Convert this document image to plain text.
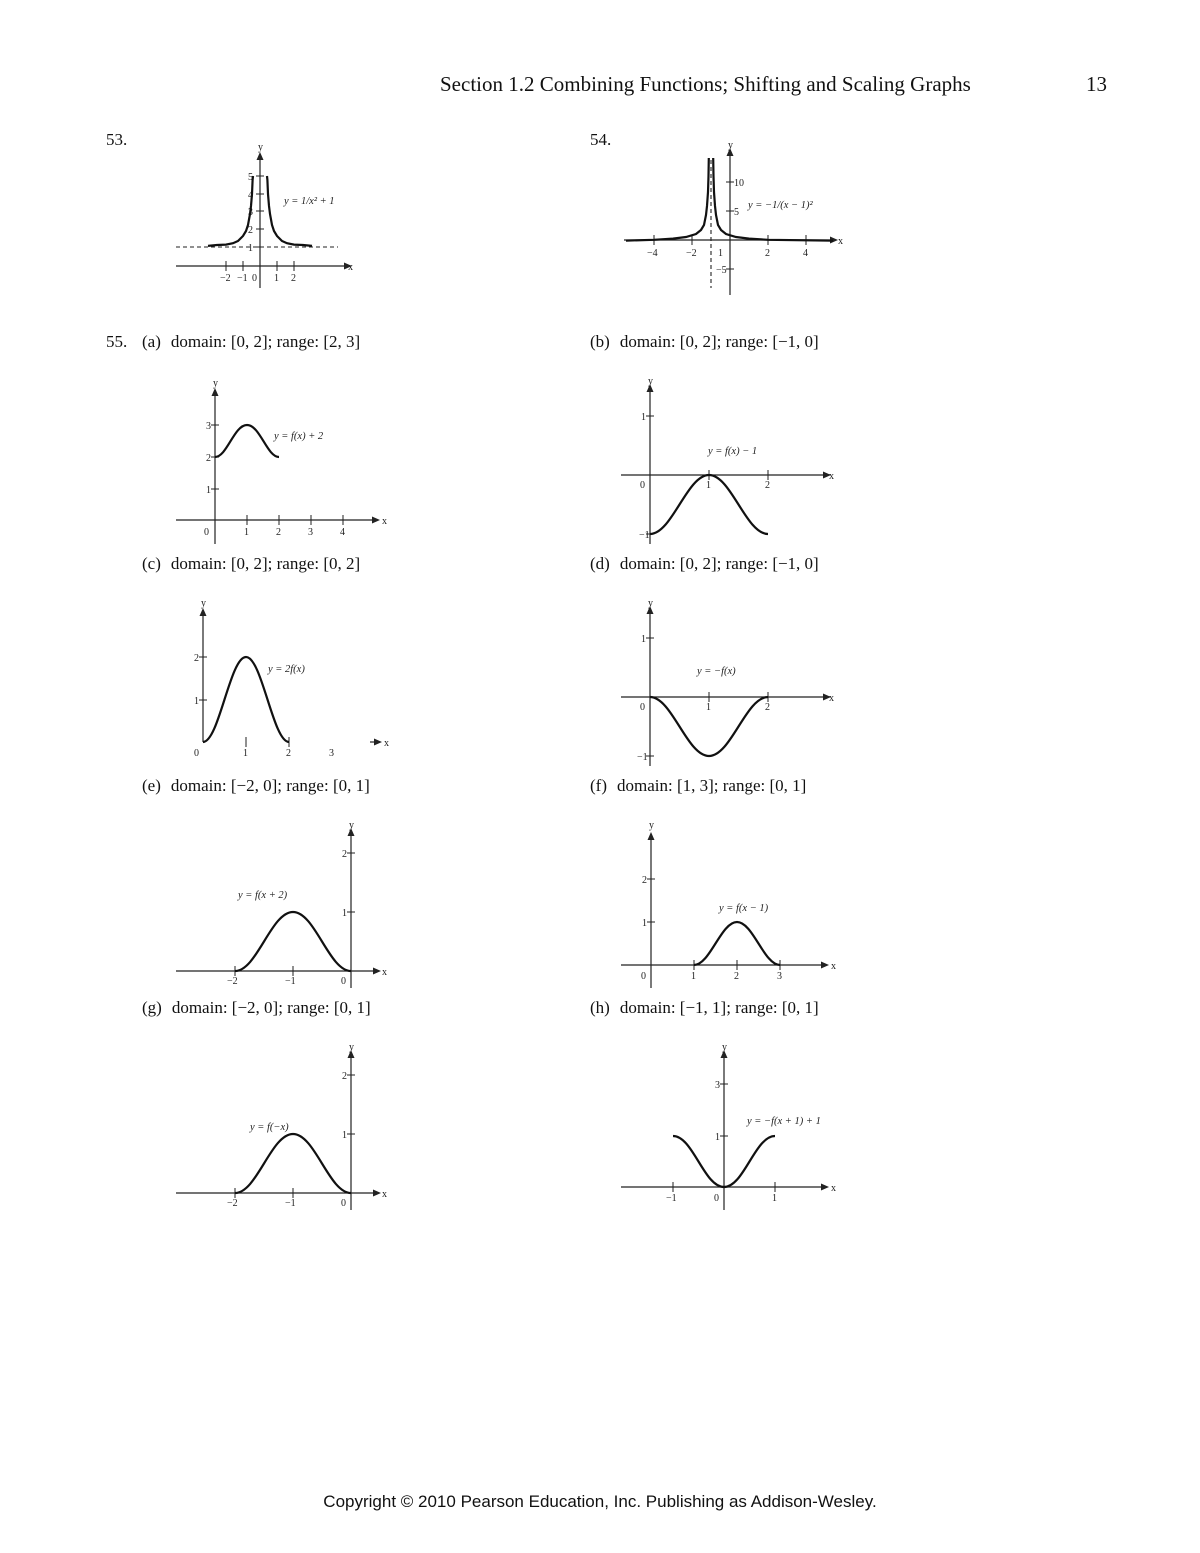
Section 1.2 Combining Functions; Shifting and Scaling Graphs	13
53.	54.
55. (a) domain: [0, 2]; range: [2, 3]	(b) domain: [0, 2]; range: [−1, 0]
(c) domain: [0, 2]; range: [0, 2]	(d) domain: [0, 2]; range: [−1, 0]
(e) domain: [−2, 0]; range: [0, 1]	(f) domain: [1, 3]; range: [0, 1]
(g) domain: [−2, 0]; range: [0, 1]	(h) domain: [−1, 1]; range: [0, 1]
y
x
1
2
3
4
5
−2 −1 0 1 2
y = 1/x² + 1
y
x
10
5
−5
−4	−2 1	2	4
y = −1/(x − 1)²
y
x
1
2
3
0	1	2	3	4
y = f(x) + 2
y
x
1
−1
0	1	2
y = f(x) − 1
y
x
1
2
0	1	2	3
y = 2f(x)
y
x
1
−1
0	1	2
y = −f(x)
y
x
1
2
−2	−1	0
y = f(x + 2)
y
x
1
2
0	1	2	3
y = f(x − 1)
y
x
1
2
−2	−1	0
y = f(−x)
y
x
1
3
−1	0	1
y = −f(x + 1) + 1
Copyright © 2010 Pearson Education, Inc. Publishing as Addison-Wesley.
